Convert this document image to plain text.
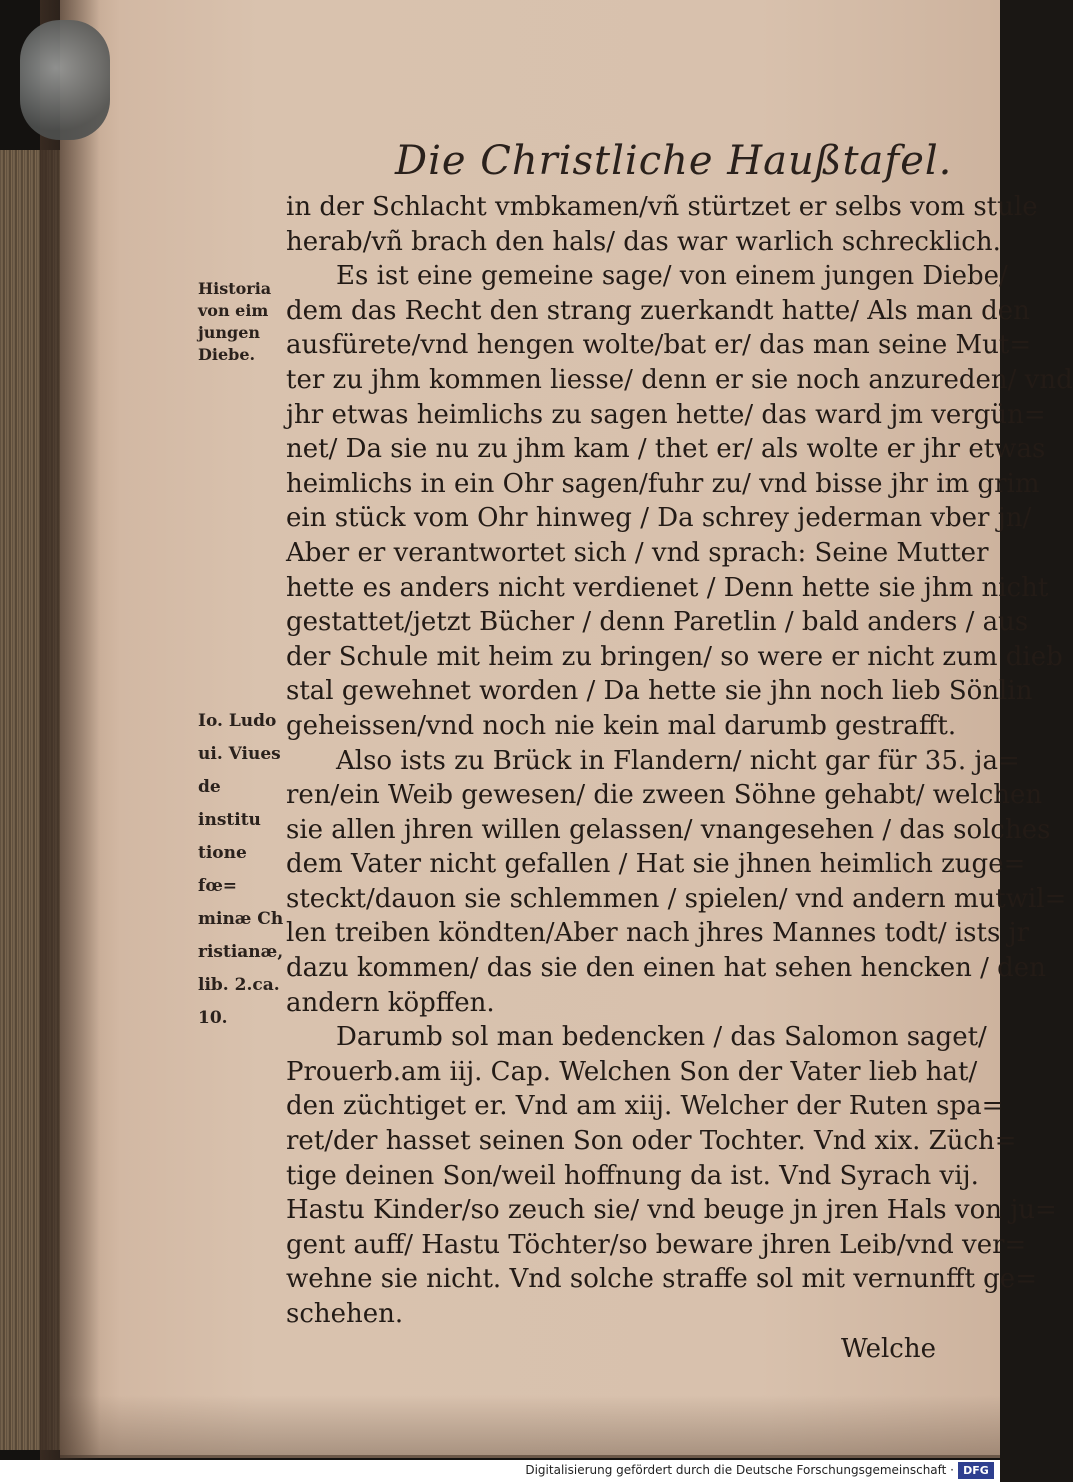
Die Christliche Haußtafel.
in der Schlacht vmbkamen/vñ stürtzet er selbs vom stule
herab/vñ brach den hals/ das war warlich schrecklich.
Es ist eine gemeine sage/ von einem jungen Diebe/
dem das Recht den strang zuerkandt hatte/ Als man den
ausfürete/vnd hengen wolte/bat er/ das man seine Mut=
ter zu jhm kommen liesse/ denn er sie noch anzureden/ vnd
jhr etwas heimlichs zu sagen hette/ das ward jm vergün=
net/ Da sie nu zu jhm kam / thet er/ als wolte er jhr etwas
heimlichs in ein Ohr sagen/fuhr zu/ vnd bisse jhr im grim
ein stück vom Ohr hinweg / Da schrey jederman vber jn/
Aber er verantwortet sich / vnd sprach: Seine Mutter
hette es anders nicht verdienet / Denn hette sie jhm nicht
gestattet/jetzt Bücher / denn Paretlin / bald anders / aus
der Schule mit heim zu bringen/ so were er nicht zum dieb
stal gewehnet worden / Da hette sie jhn noch lieb Sönlin
geheissen/vnd noch nie kein mal darumb gestrafft.
Also ists zu Brück in Flandern/ nicht gar für 35. ja=
ren/ein Weib gewesen/ die zween Söhne gehabt/ welchen
sie allen jhren willen gelassen/ vnangesehen / das solches
dem Vater nicht gefallen / Hat sie jhnen heimlich zuge=
steckt/dauon sie schlemmen / spielen/ vnd andern mutwil=
len treiben köndten/Aber nach jhres Mannes todt/ ists jr
dazu kommen/ das sie den einen hat sehen hencken / den
andern köpffen.
Darumb sol man bedencken / das Salomon saget/
Prouerb.am iij. Cap. Welchen Son der Vater lieb hat/
den züchtiget er. Vnd am xiij. Welcher der Ruten spa=
ret/der hasset seinen Son oder Tochter. Vnd xix. Züch=
tige deinen Son/weil hoffnung da ist. Vnd Syrach vij.
Hastu Kinder/so zeuch sie/ vnd beuge jn jren Hals von ju=
gent auff/ Hastu Töchter/so beware jhren Leib/vnd ver=
wehne sie nicht. Vnd solche straffe sol mit vernunfft ge=
schehen.
Welche
Historia
von eim
jungen
Diebe.
Io. Ludo
ui. Viues
de institu
tione fœ=
minæ Ch
ristianæ,
lib. 2.ca.
10.
Digitalisierung gefördert durch die Deutsche Forschungsgemeinschaft · DFG
